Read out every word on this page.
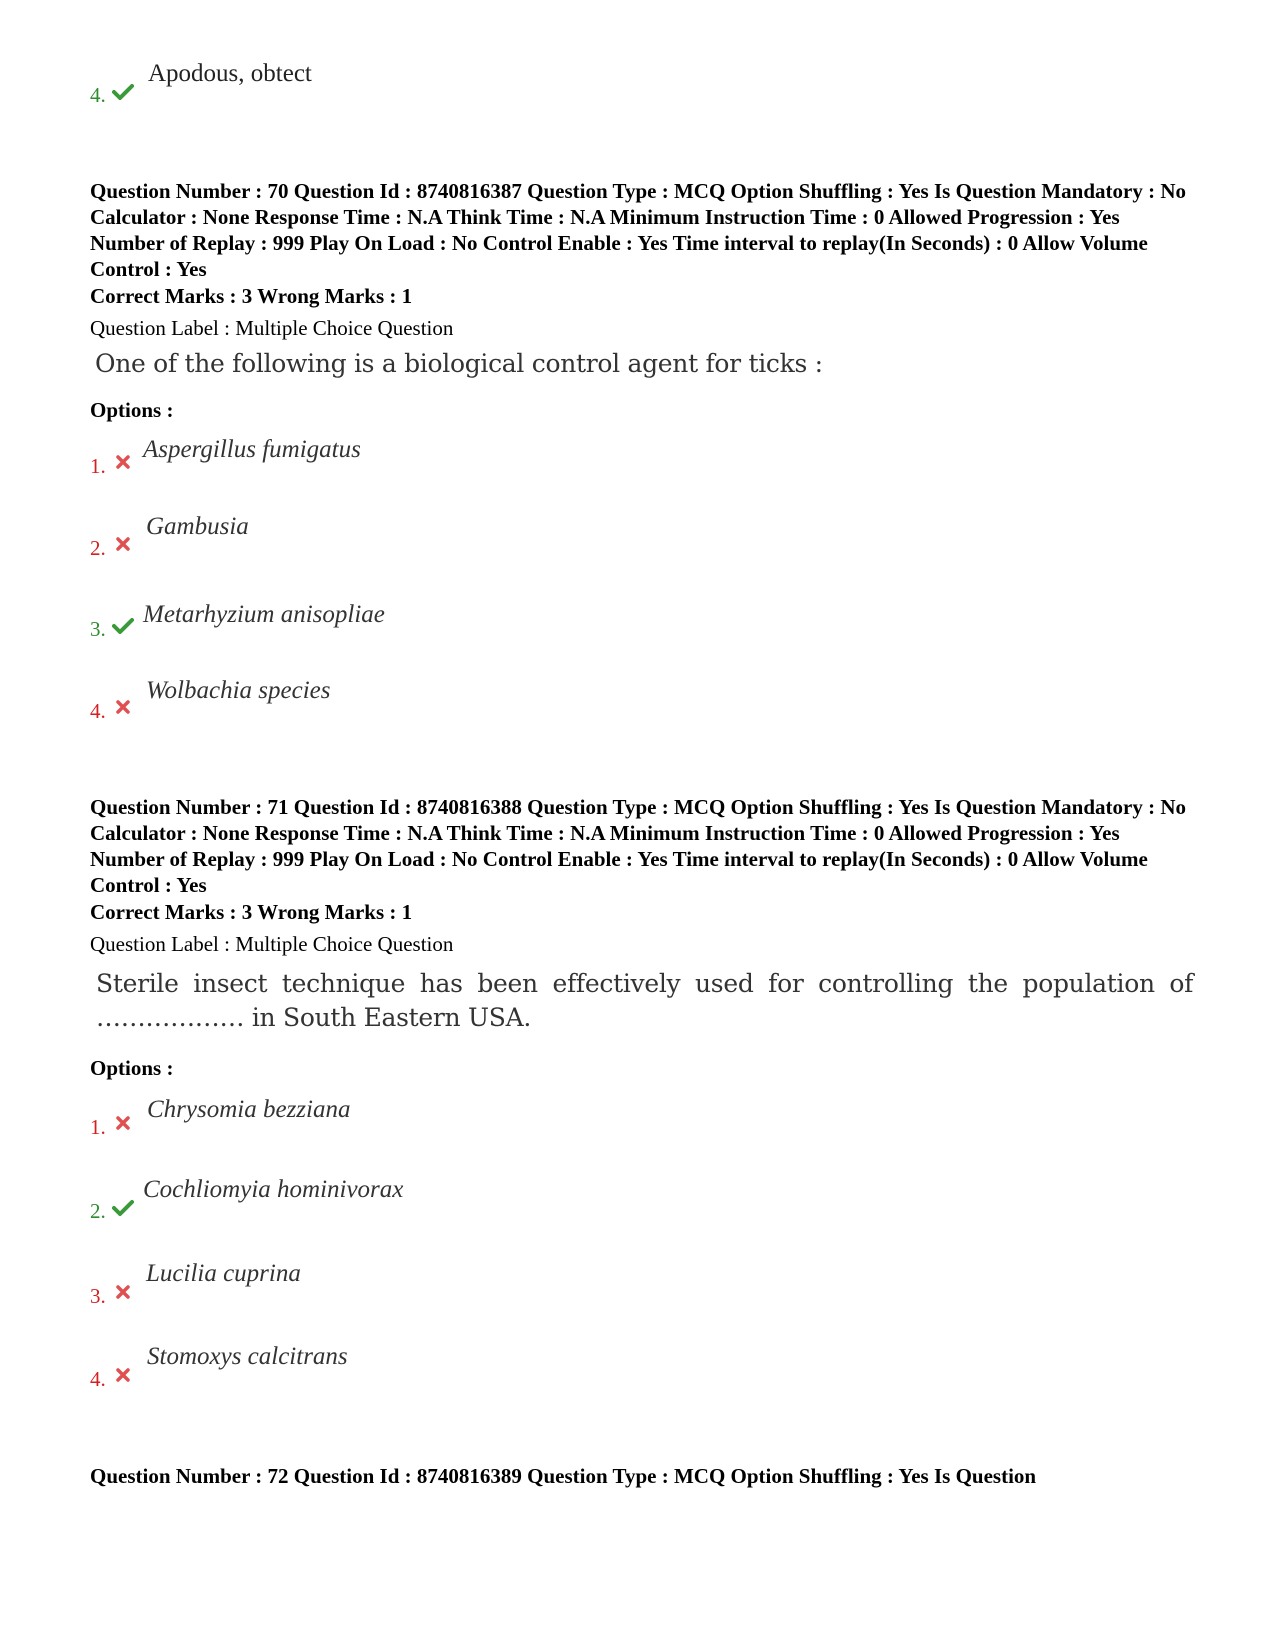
4.
Apodous, obtect
Question Number : 70 Question Id : 8740816387 Question Type : MCQ Option Shuffling : Yes Is Question Mandatory : No Calculator : None Response Time : N.A Think Time : N.A Minimum Instruction Time : 0 Allowed Progression : Yes Number of Replay : 999 Play On Load : No Control Enable : Yes Time interval to replay(In Seconds) : 0 Allow Volume Control : Yes
Correct Marks : 3 Wrong Marks : 1
Question Label : Multiple Choice Question
One of the following is a biological control agent for ticks :
Options :
1.
Aspergillus fumigatus
2.
Gambusia
3.
Metarhyzium anisopliae
4.
Wolbachia species
Question Number : 71 Question Id : 8740816388 Question Type : MCQ Option Shuffling : Yes Is Question Mandatory : No Calculator : None Response Time : N.A Think Time : N.A Minimum Instruction Time : 0 Allowed Progression : Yes Number of Replay : 999 Play On Load : No Control Enable : Yes Time interval to replay(In Seconds) : 0 Allow Volume Control : Yes
Correct Marks : 3 Wrong Marks : 1
Question Label : Multiple Choice Question
Sterile insect technique has been effectively used for controlling the population of
……………… in South Eastern USA.
Options :
1.
Chrysomia bezziana
2.
Cochliomyia hominivorax
3.
Lucilia cuprina
4.
Stomoxys calcitrans
Question Number : 72 Question Id : 8740816389 Question Type : MCQ Option Shuffling : Yes Is Question
